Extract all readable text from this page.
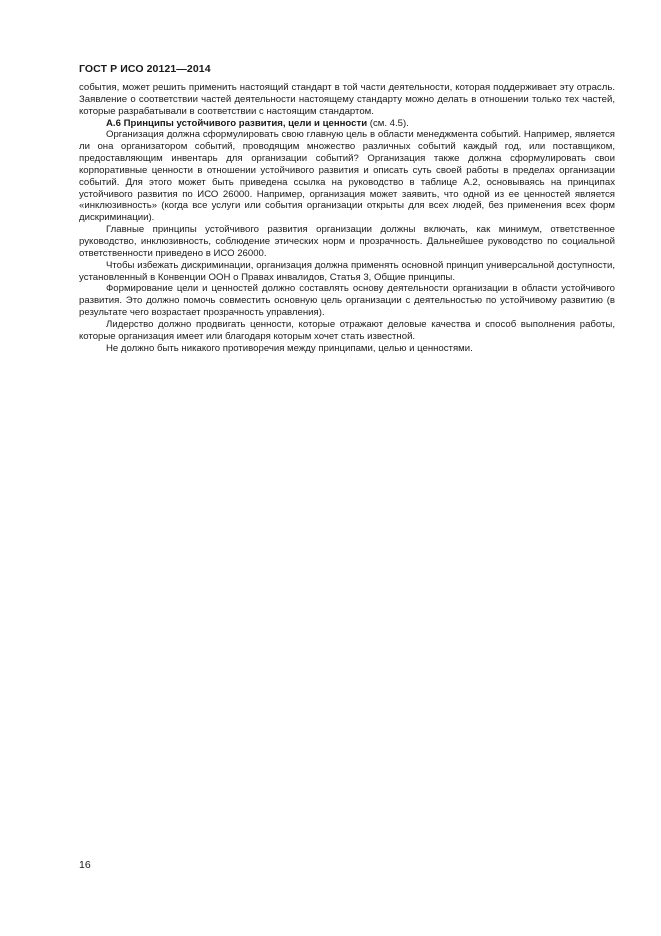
ГОСТ Р ИСО 20121—2014

события, может решить применить настоящий стандарт в той части деятельности, которая поддерживает эту отрасль. Заявление о соответствии частей деятельности настоящему стандарту можно делать в отношении только тех частей, которые разрабатывали в соответствии с настоящим стандартом.

А.6 Принципы устойчивого развития, цели и ценности (см. 4.5).

Организация должна сформулировать свою главную цель в области менеджмента событий. Например, является ли она организатором событий, проводящим множество различных событий каждый год, или поставщиком, предоставляющим инвентарь для организации событий? Организация также должна сформулировать свои корпоративные ценности в отношении устойчивого развития и описать суть своей работы в пределах организации событий. Для этого может быть приведена ссылка на руководство в таблице А.2, основываясь на принципах устойчивого развития по ИСО 26000. Например, организация может заявить, что одной из ее ценностей является «инклюзивность» (когда все услуги или события организации открыты для всех людей, без применения всех форм дискриминации).

Главные принципы устойчивого развития организации должны включать, как минимум, ответственное руководство, инклюзивность, соблюдение этических норм и прозрачность. Дальнейшее руководство по социальной ответственности приведено в ИСО 26000.

Чтобы избежать дискриминации, организация должна применять основной принцип универсальной доступности, установленный в Конвенции ООН о Правах инвалидов, Статья 3, Общие принципы.

Формирование цели и ценностей должно составлять основу деятельности организации в области устойчивого развития. Это должно помочь совместить основную цель организации с деятельностью по устойчивому развитию (в результате чего возрастает прозрачность управления).

Лидерство должно продвигать ценности, которые отражают деловые качества и способ выполнения работы, которые организация имеет или благодаря которым хочет стать известной.

Не должно быть никакого противоречия между принципами, целью и ценностями.

16
